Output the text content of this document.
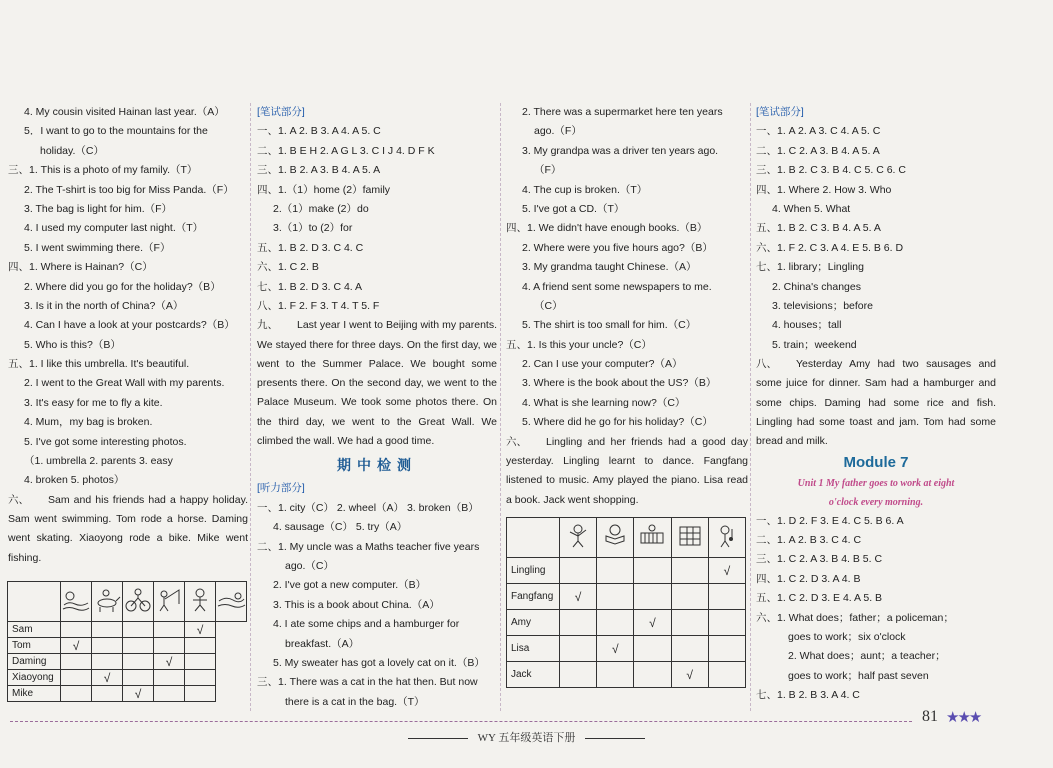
4. My cousin visited Hainan last year.（A）
5．I want to go to the mountains for the
holiday.（C）
三、1. This is a photo of my family.（T）
2. The T-shirt is too big for Miss Panda.（F）
3. The bag is light for him.（F）
4. I used my computer last night.（T）
5. I went swimming there.（F）
四、1. Where is Hainan?（C）
2. Where did you go for the holiday?（B）
3. Is it in the north of China?（A）
4. Can I have a look at your postcards?（B）
5. Who is this?（B）
五、1. I like this umbrella. It's beautiful.
2. I went to the Great Wall with my parents.
3. It's easy for me to fly a kite.
4. Mum，my bag is broken.
5. I've got some interesting photos.
（1. umbrella 2. parents 3. easy
4. broken 5. photos）
六、 Sam and his friends had a happy holiday. Sam went swimming. Tom rode a horse. Daming went skating. Xiaoyong rode a bike. Mike went fishing.
[笔试部分]
一、1. A 2. B 3. A 4. A 5. C
二、1. B E H 2. A G L 3. C I J 4. D F K
三、1. B 2. A 3. B 4. A 5. A
四、1.（1）home (2）family
2.（1）make (2）do
3.（1）to (2）for
五、1. B 2. D 3. C 4. C
六、1. C 2. B
七、1. B 2. D 3. C 4. A
八、1. F 2. F 3. T 4. T 5. F
九、 Last year I went to Beijing with my parents. We stayed there for three days. On the first day, we went to the Summer Palace. We bought some presents there. On the second day, we went to the Palace Museum. We took some photos there. On the third day, we went to the Great Wall. We climbed the wall. We had a good time.
期中检测
[听力部分]
一、1. city（C） 2. wheel（A） 3. broken（B）
4. sausage（C） 5. try（A）
二、1. My uncle was a Maths teacher five years
ago.（C）
2. I've got a new computer.（B）
3. This is a book about China.（A）
4. I ate some chips and a hamburger for
breakfast.（A）
5. My sweater has got a lovely cat on it.（B）
三、1. There was a cat in the hat then. But now
there is a cat in the bag.（T）
2. There was a supermarket here ten years
ago.（F）
3. My grandpa was a driver ten years ago.
（F）
4. The cup is broken.（T）
5. I've got a CD.（T）
四、1. We didn't have enough books.（B）
2. Where were you five hours ago?（B）
3. My grandma taught Chinese.（A）
4. A friend sent some newspapers to me.
（C）
5. The shirt is too small for him.（C）
五、1. Is this your uncle?（C）
2. Can I use your computer?（A）
3. Where is the book about the US?（B）
4. What is she learning now?（C）
5. Where did he go for his holiday?（C）
六、 Lingling and her friends had a good day yesterday. Lingling learnt to dance. Fangfang listened to music. Amy played the piano. Lisa read a book. Jack went shopping.
[笔试部分]
一、1. A 2. A 3. C 4. A 5. C
二、1. C 2. A 3. B 4. A 5. A
三、1. B 2. C 3. B 4. C 5. C 6. C
四、1. Where 2. How 3. Who
4. When 5. What
五、1. B 2. C 3. B 4. A 5. A
六、1. F 2. C 3. A 4. E 5. B 6. D
七、1. library；Lingling
2. China's changes
3. televisions；before
4. houses；tall
5. train；weekend
八、 Yesterday Amy had two sausages and some juice for dinner. Sam had a hamburger and some chips. Daming had some rice and fish. Lingling had some toast and jam. Tom had some bread and milk.
Module 7
Unit 1 My father goes to work at eight
o'clock every morning.
一、1. D 2. F 3. E 4. C 5. B 6. A
二、1. A 2. B 3. C 4. C
三、1. C 2. A 3. B 4. B 5. C
四、1. C 2. D 3. A 4. B
五、1. C 2. D 3. E 4. A 5. B
六、1. What does；father；a policeman；
goes to work；six o'clock
2. What does；aunt；a teacher；
goes to work；half past seven
七、1. B 2. B 3. A 4. C

Sam					√	
Tom	√					
Daming				√		
Xiaoyong		√				
Mike			√			

Lingling					√
Fangfang	√				
Amy			√		
Lisa		√			
Jack				√	
81 ★★★
WY 五年级英语下册
